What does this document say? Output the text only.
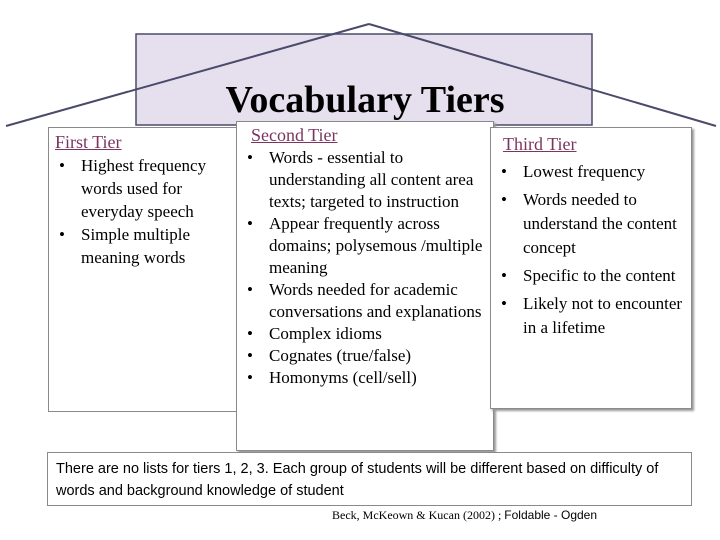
Vocabulary Tiers
First Tier
• Highest frequency words used for everyday speech
• Simple multiple meaning words
Second Tier
• Words - essential to understanding all content area texts; targeted to instruction
• Appear frequently across domains; polysemous /multiple meaning
• Words needed for academic conversations and explanations
• Complex idioms
• Cognates (true/false)
• Homonyms (cell/sell)
Third Tier
• Lowest frequency
• Words needed to understand the content concept
• Specific to the content
• Likely not to encounter in a lifetime
There are no lists for tiers 1, 2, 3. Each group of students will be different based on difficulty of words and background knowledge of student
Beck, McKeown & Kucan (2002) ; Foldable - Ogden
